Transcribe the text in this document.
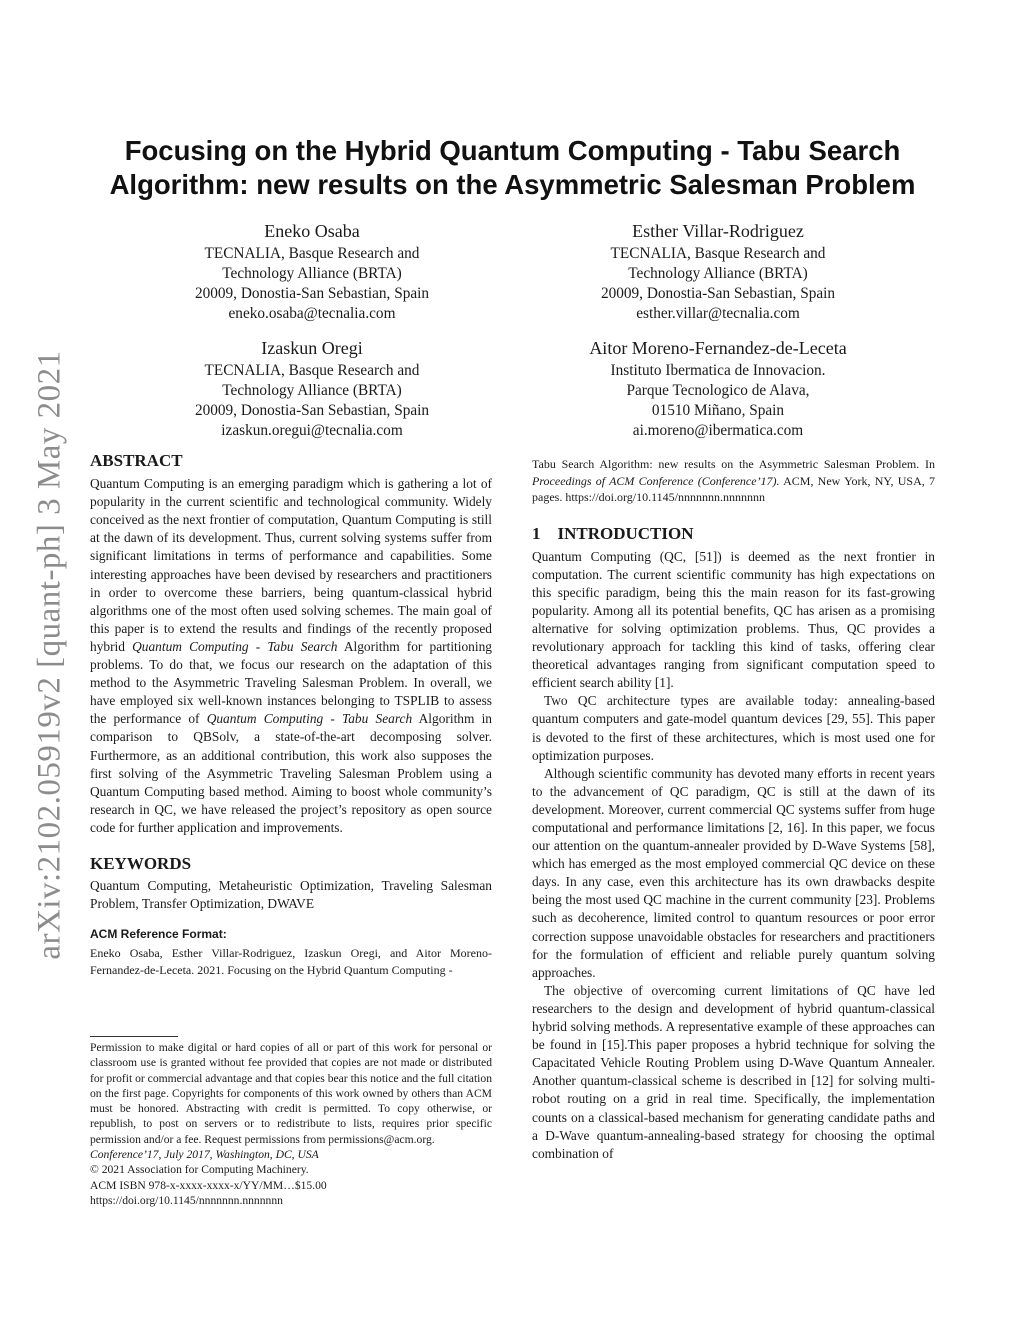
arXiv:2102.05919v2 [quant-ph] 3 May 2021
Focusing on the Hybrid Quantum Computing - Tabu Search
Algorithm: new results on the Asymmetric Salesman Problem
Eneko Osaba
TECNALIA, Basque Research and
Technology Alliance (BRTA)
20009, Donostia-San Sebastian, Spain
eneko.osaba@tecnalia.com
Esther Villar-Rodriguez
TECNALIA, Basque Research and
Technology Alliance (BRTA)
20009, Donostia-San Sebastian, Spain
esther.villar@tecnalia.com
Izaskun Oregi
TECNALIA, Basque Research and
Technology Alliance (BRTA)
20009, Donostia-San Sebastian, Spain
izaskun.oregui@tecnalia.com
Aitor Moreno-Fernandez-de-Leceta
Instituto Ibermatica de Innovacion.
Parque Tecnologico de Alava,
01510 Miñano, Spain
ai.moreno@ibermatica.com
ABSTRACT

Quantum Computing is an emerging paradigm which is gathering a lot of popularity in the current scientific and technological community. Widely conceived as the next frontier of computation, Quantum Computing is still at the dawn of its development. Thus, current solving systems suffer from significant limitations in terms of performance and capabilities. Some interesting approaches have been devised by researchers and practitioners in order to overcome these barriers, being quantum-classical hybrid algorithms one of the most often used solving schemes. The main goal of this paper is to extend the results and findings of the recently proposed hybrid Quantum Computing - Tabu Search Algorithm for partitioning problems. To do that, we focus our research on the adaptation of this method to the Asymmetric Traveling Salesman Problem. In overall, we have employed six well-known instances belonging to TSPLIB to assess the performance of Quantum Computing - Tabu Search Algorithm in comparison to QBSolv, a state-of-the-art decomposing solver. Furthermore, as an additional contribution, this work also supposes the first solving of the Asymmetric Traveling Salesman Problem using a Quantum Computing based method. Aiming to boost whole community’s research in QC, we have released the project’s repository as open source code for further application and improvements.

KEYWORDS

Quantum Computing, Metaheuristic Optimization, Traveling Salesman Problem, Transfer Optimization, DWAVE

ACM Reference Format:

Eneko Osaba, Esther Villar-Rodriguez, Izaskun Oregi, and Aitor Moreno-Fernandez-de-Leceta. 2021. Focusing on the Hybrid Quantum Computing -

Permission to make digital or hard copies of all or part of this work for personal or classroom use is granted without fee provided that copies are not made or distributed for profit or commercial advantage and that copies bear this notice and the full citation on the first page. Copyrights for components of this work owned by others than ACM must be honored. Abstracting with credit is permitted. To copy otherwise, or republish, to post on servers or to redistribute to lists, requires prior specific permission and/or a fee. Request permissions from permissions@acm.org.

Conference’17, July 2017, Washington, DC, USA

© 2021 Association for Computing Machinery.

ACM ISBN 978-x-xxxx-xxxx-x/YY/MM…$15.00

https://doi.org/10.1145/nnnnnnn.nnnnnnn

Tabu Search Algorithm: new results on the Asymmetric Salesman Problem. In Proceedings of ACM Conference (Conference’17). ACM, New York, NY, USA, 7 pages. https://doi.org/10.1145/nnnnnnn.nnnnnnn

1    INTRODUCTION

Quantum Computing (QC, [51]) is deemed as the next frontier in computation. The current scientific community has high expectations on this specific paradigm, being this the main reason for its fast-growing popularity. Among all its potential benefits, QC has arisen as a promising alternative for solving optimization problems. Thus, QC provides a revolutionary approach for tackling this kind of tasks, offering clear theoretical advantages ranging from significant computation speed to efficient search ability [1].

Two QC architecture types are available today: annealing-based quantum computers and gate-model quantum devices [29, 55]. This paper is devoted to the first of these architectures, which is most used one for optimization purposes.

Although scientific community has devoted many efforts in recent years to the advancement of QC paradigm, QC is still at the dawn of its development. Moreover, current commercial QC systems suffer from huge computational and performance limitations [2, 16]. In this paper, we focus our attention on the quantum-annealer provided by D-Wave Systems [58], which has emerged as the most employed commercial QC device on these days. In any case, even this architecture has its own drawbacks despite being the most used QC machine in the current community [23]. Problems such as decoherence, limited control to quantum resources or poor error correction suppose unavoidable obstacles for researchers and practitioners for the formulation of efficient and reliable purely quantum solving approaches.

The objective of overcoming current limitations of QC have led researchers to the design and development of hybrid quantum-classical hybrid solving methods. A representative example of these approaches can be found in [15].This paper proposes a hybrid technique for solving the Capacitated Vehicle Routing Problem using D-Wave Quantum Annealer. Another quantum-classical scheme is described in [12] for solving multi-robot routing on a grid in real time. Specifically, the implementation counts on a classical-based mechanism for generating candidate paths and a D-Wave quantum-annealing-based strategy for choosing the optimal combination of
